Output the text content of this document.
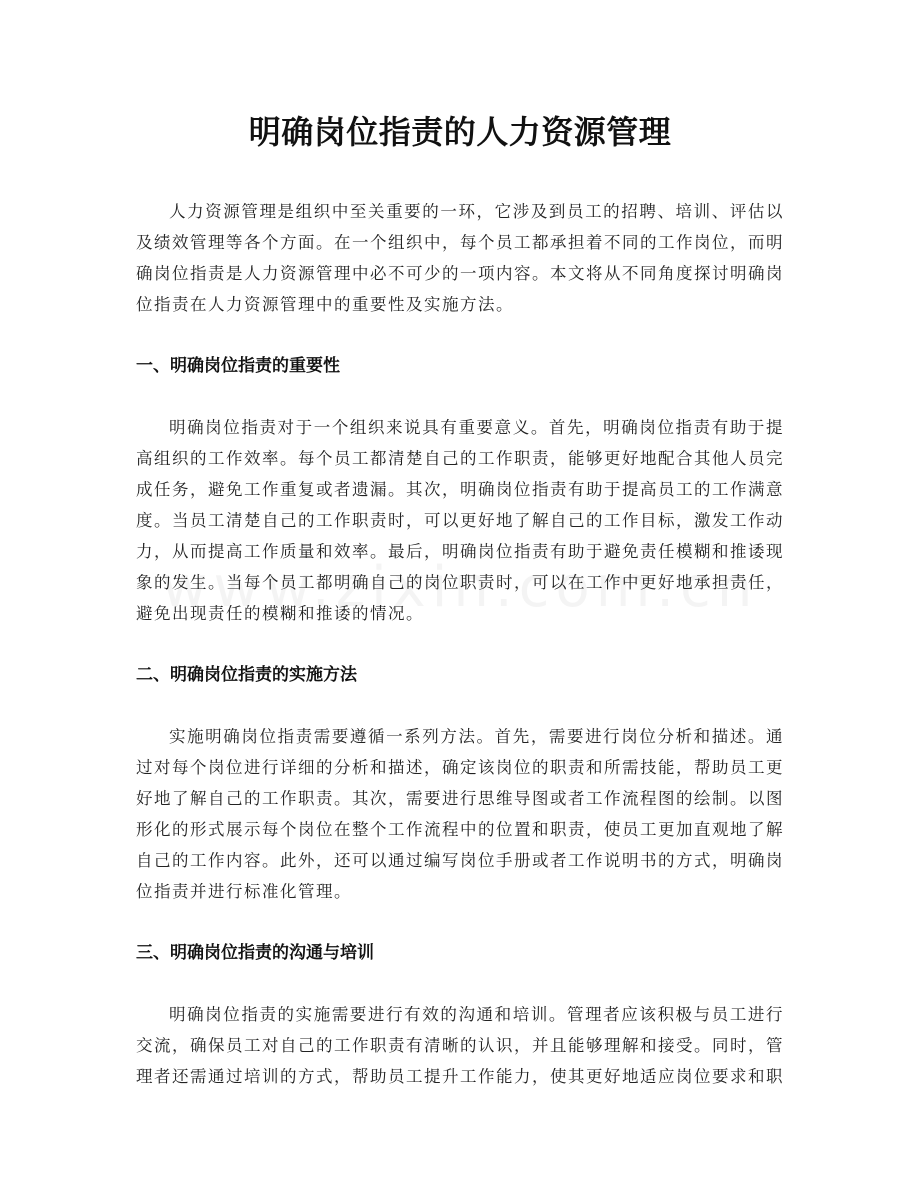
明确岗位指责的人力资源管理

人力资源管理是组织中至关重要的一环，它涉及到员工的招聘、培训、评估以及绩效管理等各个方面。在一个组织中，每个员工都承担着不同的工作岗位，而明确岗位指责是人力资源管理中必不可少的一项内容。本文将从不同角度探讨明确岗位指责在人力资源管理中的重要性及实施方法。

一、明确岗位指责的重要性

明确岗位指责对于一个组织来说具有重要意义。首先，明确岗位指责有助于提高组织的工作效率。每个员工都清楚自己的工作职责，能够更好地配合其他人员完成任务，避免工作重复或者遗漏。其次，明确岗位指责有助于提高员工的工作满意度。当员工清楚自己的工作职责时，可以更好地了解自己的工作目标，激发工作动力，从而提高工作质量和效率。最后，明确岗位指责有助于避免责任模糊和推诿现象的发生。当每个员工都明确自己的岗位职责时，可以在工作中更好地承担责任，避免出现责任的模糊和推诿的情况。

二、明确岗位指责的实施方法

实施明确岗位指责需要遵循一系列方法。首先，需要进行岗位分析和描述。通过对每个岗位进行详细的分析和描述，确定该岗位的职责和所需技能，帮助员工更好地了解自己的工作职责。其次，需要进行思维导图或者工作流程图的绘制。以图形化的形式展示每个岗位在整个工作流程中的位置和职责，使员工更加直观地了解自己的工作内容。此外，还可以通过编写岗位手册或者工作说明书的方式，明确岗位指责并进行标准化管理。

三、明确岗位指责的沟通与培训

明确岗位指责的实施需要进行有效的沟通和培训。管理者应该积极与员工进行交流，确保员工对自己的工作职责有清晰的认识，并且能够理解和接受。同时，管理者还需通过培训的方式，帮助员工提升工作能力，使其更好地适应岗位要求和职
